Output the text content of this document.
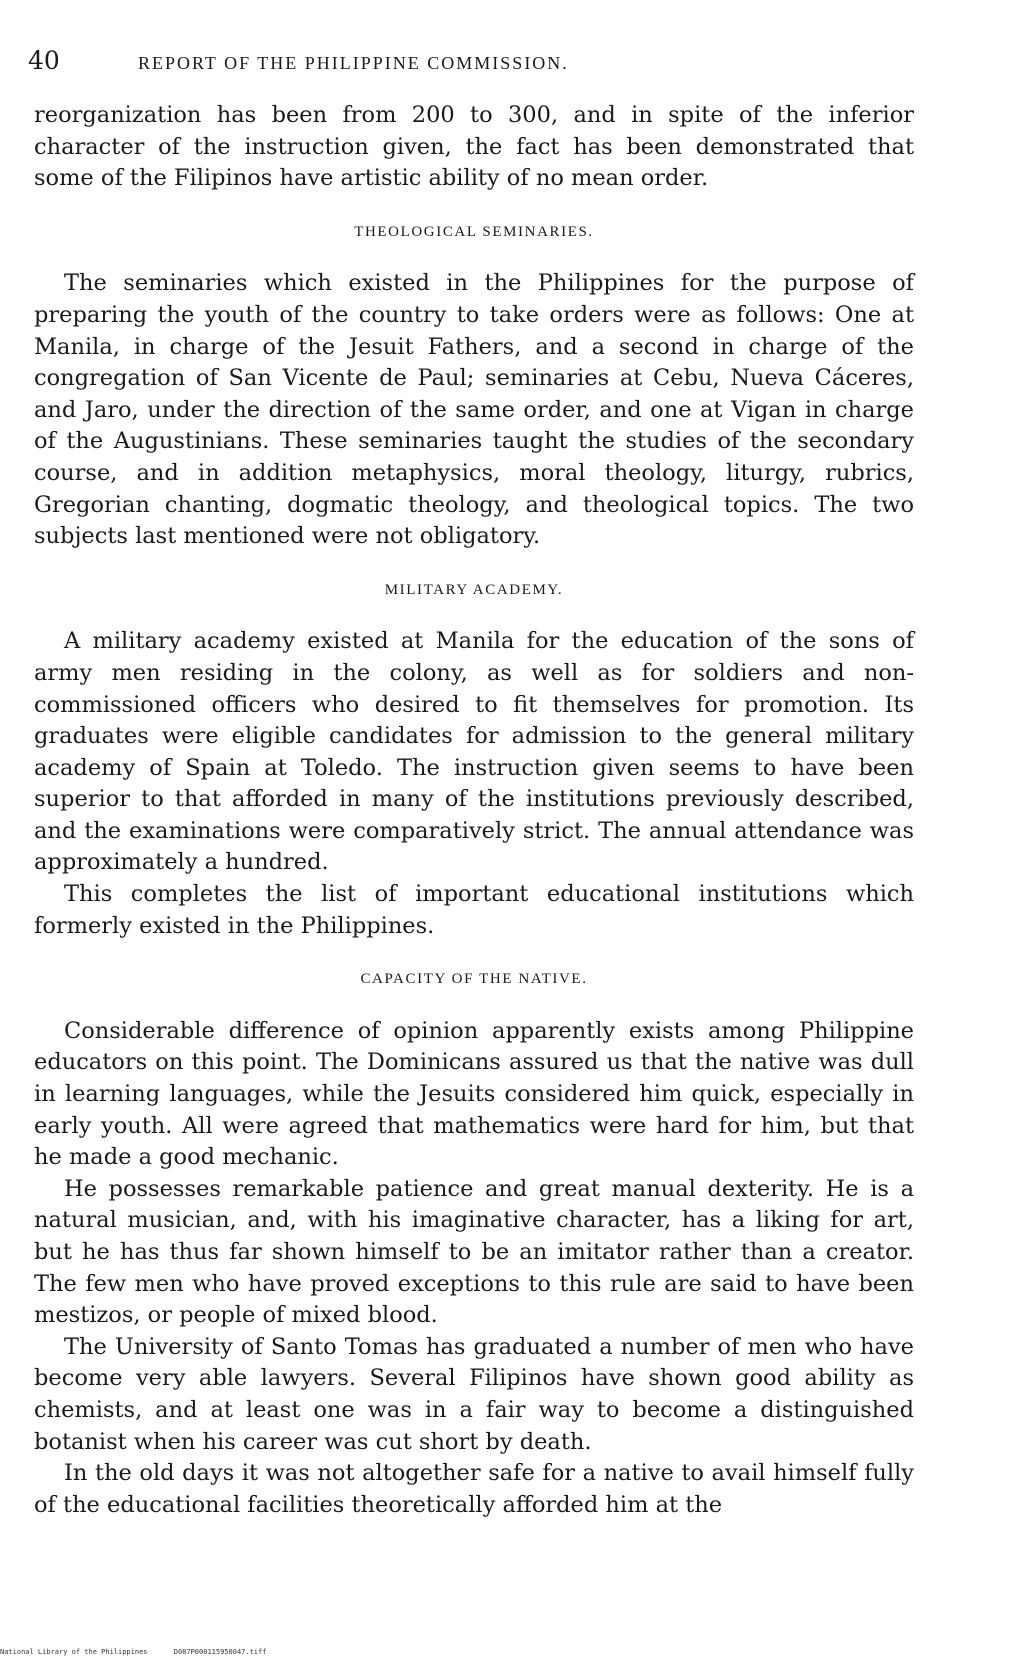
40	REPORT OF THE PHILIPPINE COMMISSION.

reorganization has been from 200 to 300, and in spite of the inferior character of the instruction given, the fact has been demonstrated that some of the Filipinos have artistic ability of no mean order.

THEOLOGICAL SEMINARIES.

The seminaries which existed in the Philippines for the purpose of preparing the youth of the country to take orders were as follows: One at Manila, in charge of the Jesuit Fathers, and a second in charge of the congregation of San Vicente de Paul; seminaries at Cebu, Nueva Cáceres, and Jaro, under the direction of the same order, and one at Vigan in charge of the Augustinians. These seminaries taught the studies of the secondary course, and in addition metaphysics, moral theology, liturgy, rubrics, Gregorian chanting, dogmatic theology, and theological topics. The two subjects last mentioned were not obligatory.

MILITARY ACADEMY.

A military academy existed at Manila for the education of the sons of army men residing in the colony, as well as for soldiers and non-commissioned officers who desired to fit themselves for promotion. Its graduates were eligible candidates for admission to the general military academy of Spain at Toledo. The instruction given seems to have been superior to that afforded in many of the institutions previously described, and the examinations were comparatively strict. The annual attendance was approximately a hundred.

This completes the list of important educational institutions which formerly existed in the Philippines.

CAPACITY OF THE NATIVE.

Considerable difference of opinion apparently exists among Philippine educators on this point. The Dominicans assured us that the native was dull in learning languages, while the Jesuits considered him quick, especially in early youth. All were agreed that mathematics were hard for him, but that he made a good mechanic.

He possesses remarkable patience and great manual dexterity. He is a natural musician, and, with his imaginative character, has a liking for art, but he has thus far shown himself to be an imitator rather than a creator. The few men who have proved exceptions to this rule are said to have been mestizos, or people of mixed blood.

The University of Santo Tomas has graduated a number of men who have become very able lawyers. Several Filipinos have shown good ability as chemists, and at least one was in a fair way to become a distinguished botanist when his career was cut short by death.

In the old days it was not altogether safe for a native to avail himself fully of the educational facilities theoretically afforded him at the

National Library of the Philippines	D087P000115950047.tiff
